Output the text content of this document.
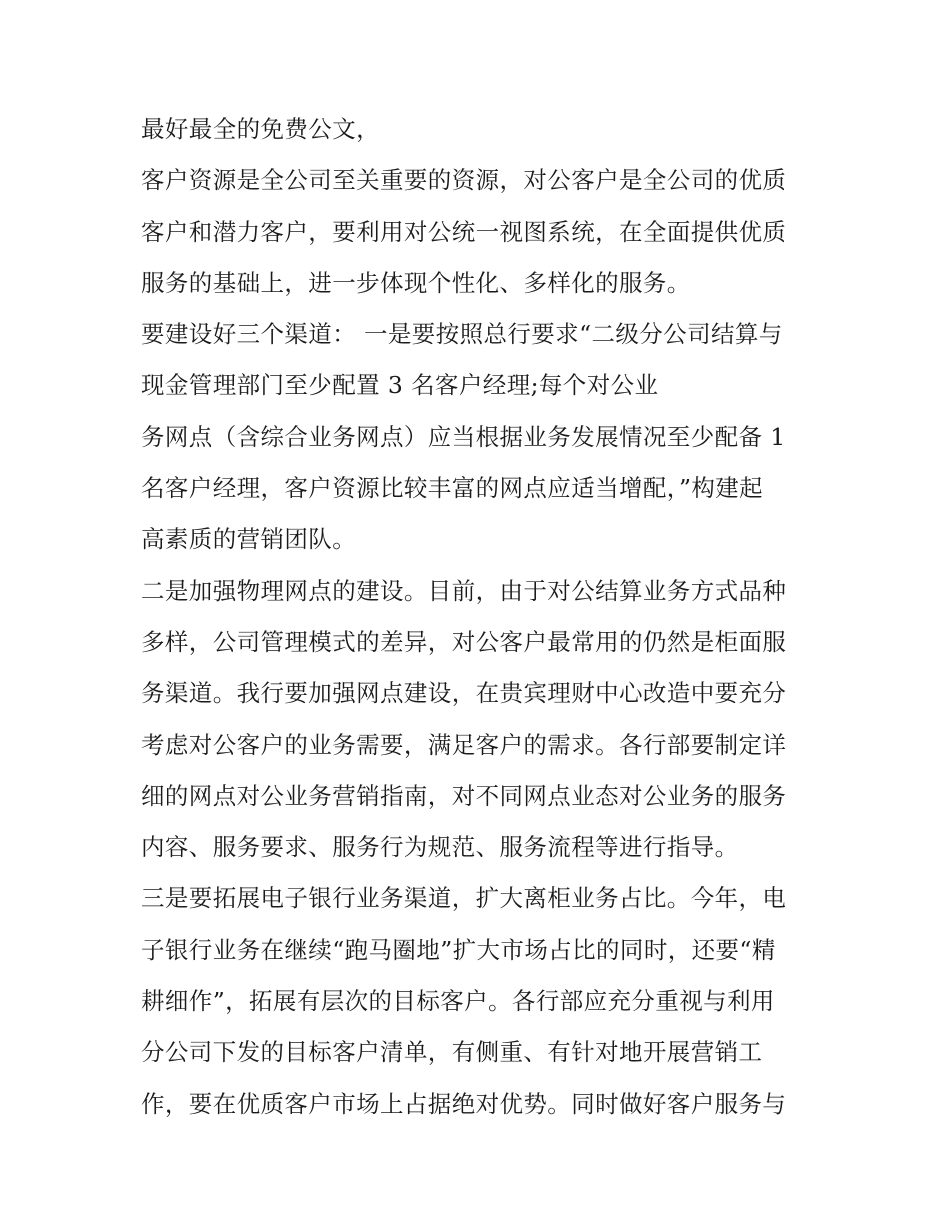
最好最全的免费公文，
客户资源是全公司至关重要的资源，对公客户是全公司的优质
客户和潜力客户，要利用对公统一视图系统，在全面提供优质
服务的基础上，进一步体现个性化、多样化的服务。
要建设好三个渠道： 一是要按照总行要求“二级分公司结算与
现金管理部门至少配置 3 名客户经理;每个对公业
务网点（含综合业务网点）应当根据业务发展情况至少配备 1
名客户经理，客户资源比较丰富的网点应适当增配，”构建起
高素质的营销团队。
二是加强物理网点的建设。目前，由于对公结算业务方式品种
多样，公司管理模式的差异，对公客户最常用的仍然是柜面服
务渠道。我行要加强网点建设，在贵宾理财中心改造中要充分
考虑对公客户的业务需要，满足客户的需求。各行部要制定详
细的网点对公业务营销指南，对不同网点业态对公业务的服务
内容、服务要求、服务行为规范、服务流程等进行指导。
三是要拓展电子银行业务渠道，扩大离柜业务占比。今年，电
子银行业务在继续“跑马圈地”扩大市场占比的同时，还要“精
耕细作”，拓展有层次的目标客户。各行部应充分重视与利用
分公司下发的目标客户清单，有侧重、有针对地开展营销工
作，要在优质客户市场上占据绝对优势。同时做好客户服务与
